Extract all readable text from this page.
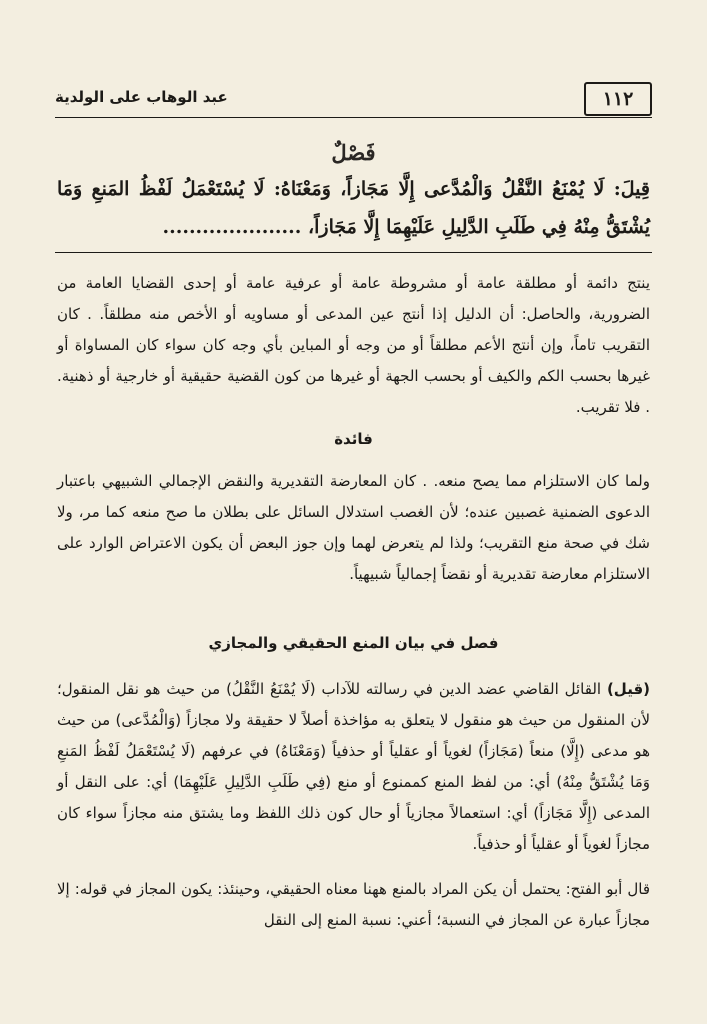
١١٢
عبد الوهاب على الولدية
فَصْلٌ
قِيلَ: لَا يُمْنَعُ النَّقْلُ وَالْمُدَّعى إِلَّا مَجَازاً، وَمَعْنَاهُ: لَا يُسْتَعْمَلُ لَفْظُ المَنعِ وَمَا يُشْتَقُّ مِنْهُ فِي طَلَبِ الدَّلِيلِ عَلَيْهِمَا إِلَّا مَجَازاً، .....................

ينتج دائمة أو مطلقة عامة أو مشروطة عامة أو عرفية عامة أو إحدى القضايا العامة من الضرورية، والحاصل: أن الدليل إذا أنتج عين المدعى أو مساويه أو الأخص منه مطلقاً. . كان التقريب تاماً، وإن أنتج الأعم مطلقاً أو من وجه أو المباين بأي وجه كان سواء كان المساواة أو غيرها بحسب الكم والكيف أو بحسب الجهة أو غيرها من كون القضية حقيقية أو خارجية أو ذهنية. . فلا تقريب.

فائدة

ولما كان الاستلزام مما يصح منعه. . كان المعارضة التقديرية والنقض الإجمالي الشبيهي باعتبار الدعوى الضمنية غصبين عنده؛ لأن الغصب استدلال السائل على بطلان ما صح منعه كما مر، ولا شك في صحة منع التقريب؛ ولذا لم يتعرض لهما وإن جوز البعض أن يكون الاعتراض الوارد على الاستلزام معارضة تقديرية أو نقضاً إجمالياً شبيهياً.

فصل في بيان المنع الحقيقي والمجازي

(قيل) القائل القاضي عضد الدين في رسالته للآداب (لَا يُمْنَعُ النَّقْلُ) من حيث هو نقل المنقول؛ لأن المنقول من حيث هو منقول لا يتعلق به مؤاخذة أصلاً لا حقيقة ولا مجازاً (وَالْمُدَّعى) من حيث هو مدعى (إِلَّا) منعاً (مَجَازاً) لغوياً أو عقلياً أو حذفياً (وَمَعْنَاهُ) في عرفهم (لَا يُسْتَعْمَلُ لَفْظُ المَنعِ وَمَا يُشْتَقُّ مِنْهُ) أي: من لفظ المنع كممنوع أو منع (فِي طَلَبِ الدَّلِيلِ عَلَيْهِمَا) أي: على النقل أو المدعى (إِلَّا مَجَازاً) أي: استعمالاً مجازياً أو حال كون ذلك اللفظ وما يشتق منه مجازاً سواء كان مجازاً لغوياً أو عقلياً أو حذفياً.

قال أبو الفتح: يحتمل أن يكن المراد بالمنع ههنا معناه الحقيقي، وحينئذ: يكون المجاز في قوله: إلا مجازاً عبارة عن المجاز في النسبة؛ أعني: نسبة المنع إلى النقل
